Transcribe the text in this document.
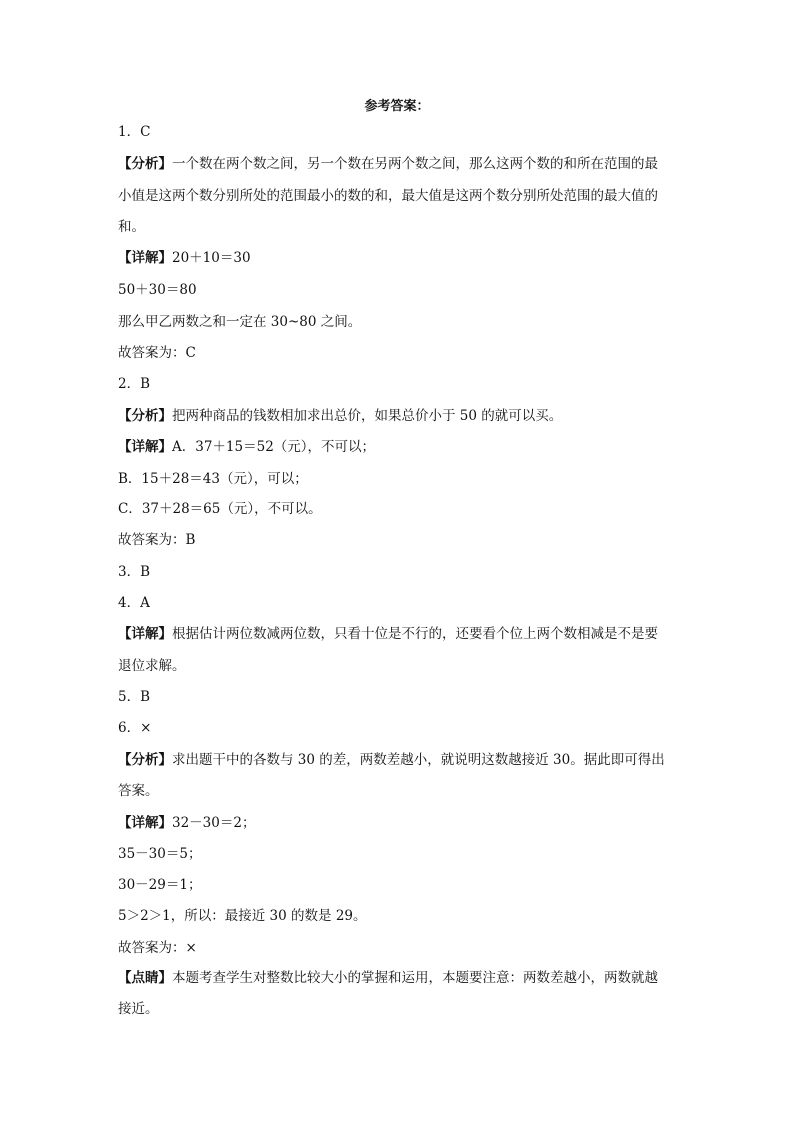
参考答案：
1．C
【分析】一个数在两个数之间，另一个数在另两个数之间，那么这两个数的和所在范围的最
小值是这两个数分别所处的范围最小的数的和，最大值是这两个数分别所处范围的最大值的
和。
【详解】20＋10＝30
50＋30＝80
那么甲乙两数之和一定在 30~80 之间。
故答案为：C
2．B
【分析】把两种商品的钱数相加求出总价，如果总价小于 50 的就可以买。
【详解】A．37＋15＝52（元），不可以；
B．15＋28＝43（元），可以；
C．37＋28＝65（元），不可以。
故答案为：B
3．B
4．A
【详解】根据估计两位数减两位数，只看十位是不行的，还要看个位上两个数相减是不是要
退位求解。
5．B
6．×
【分析】求出题干中的各数与 30 的差，两数差越小，就说明这数越接近 30。据此即可得出
答案。
【详解】32－30＝2；
35－30＝5；
30－29＝1；
5＞2＞1，所以：最接近 30 的数是 29。
故答案为：×
【点睛】本题考查学生对整数比较大小的掌握和运用，本题要注意：两数差越小，两数就越
接近。
